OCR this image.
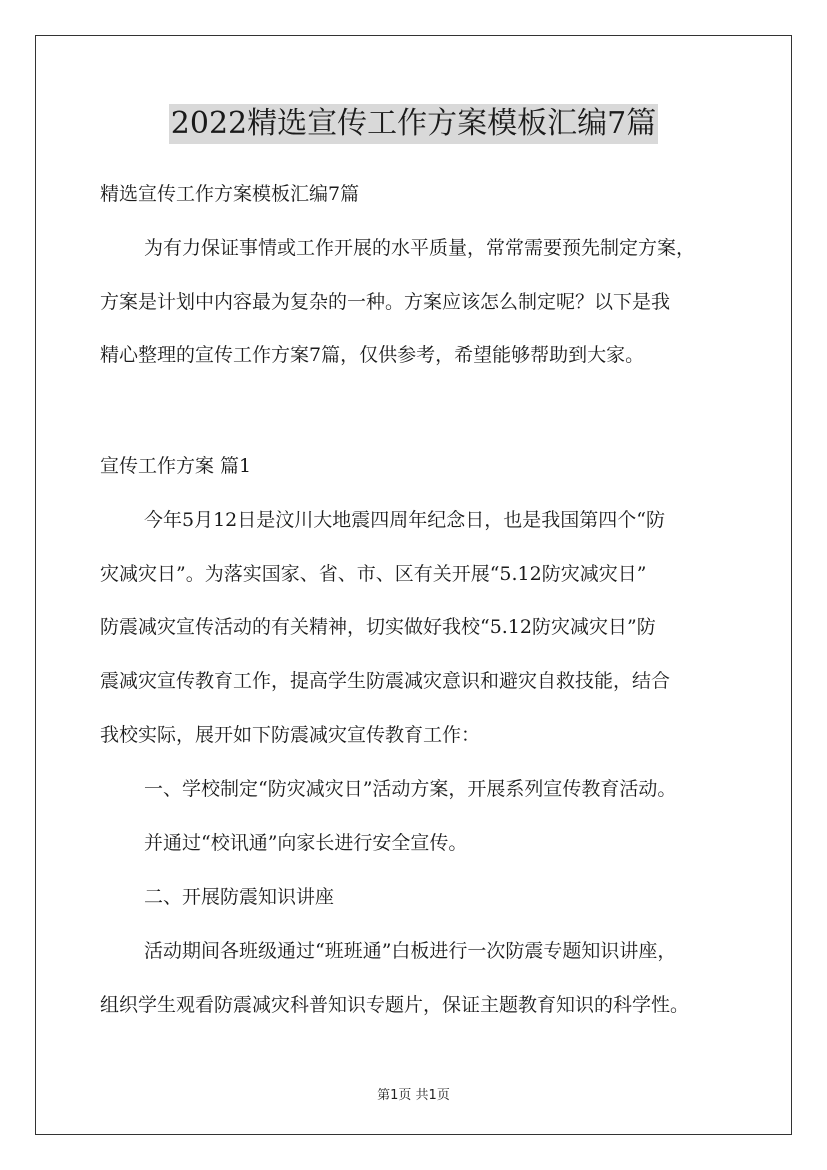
2022精选宣传工作方案模板汇编7篇
精选宣传工作方案模板汇编7篇
为有力保证事情或工作开展的水平质量，常常需要预先制定方案，
方案是计划中内容最为复杂的一种。方案应该怎么制定呢？以下是我
精心整理的宣传工作方案7篇，仅供参考，希望能够帮助到大家。
宣传工作方案 篇1
今年5月12日是汶川大地震四周年纪念日，也是我国第四个“防
灾减灾日”。为落实国家、省、市、区有关开展“5.12防灾减灾日”
防震减灾宣传活动的有关精神，切实做好我校“5.12防灾减灾日”防
震减灾宣传教育工作，提高学生防震减灾意识和避灾自救技能，结合
我校实际，展开如下防震减灾宣传教育工作：
一、学校制定“防灾减灾日”活动方案，开展系列宣传教育活动。
并通过“校讯通”向家长进行安全宣传。
二、开展防震知识讲座
活动期间各班级通过“班班通”白板进行一次防震专题知识讲座，
组织学生观看防震减灾科普知识专题片，保证主题教育知识的科学性。
第1页 共1页
